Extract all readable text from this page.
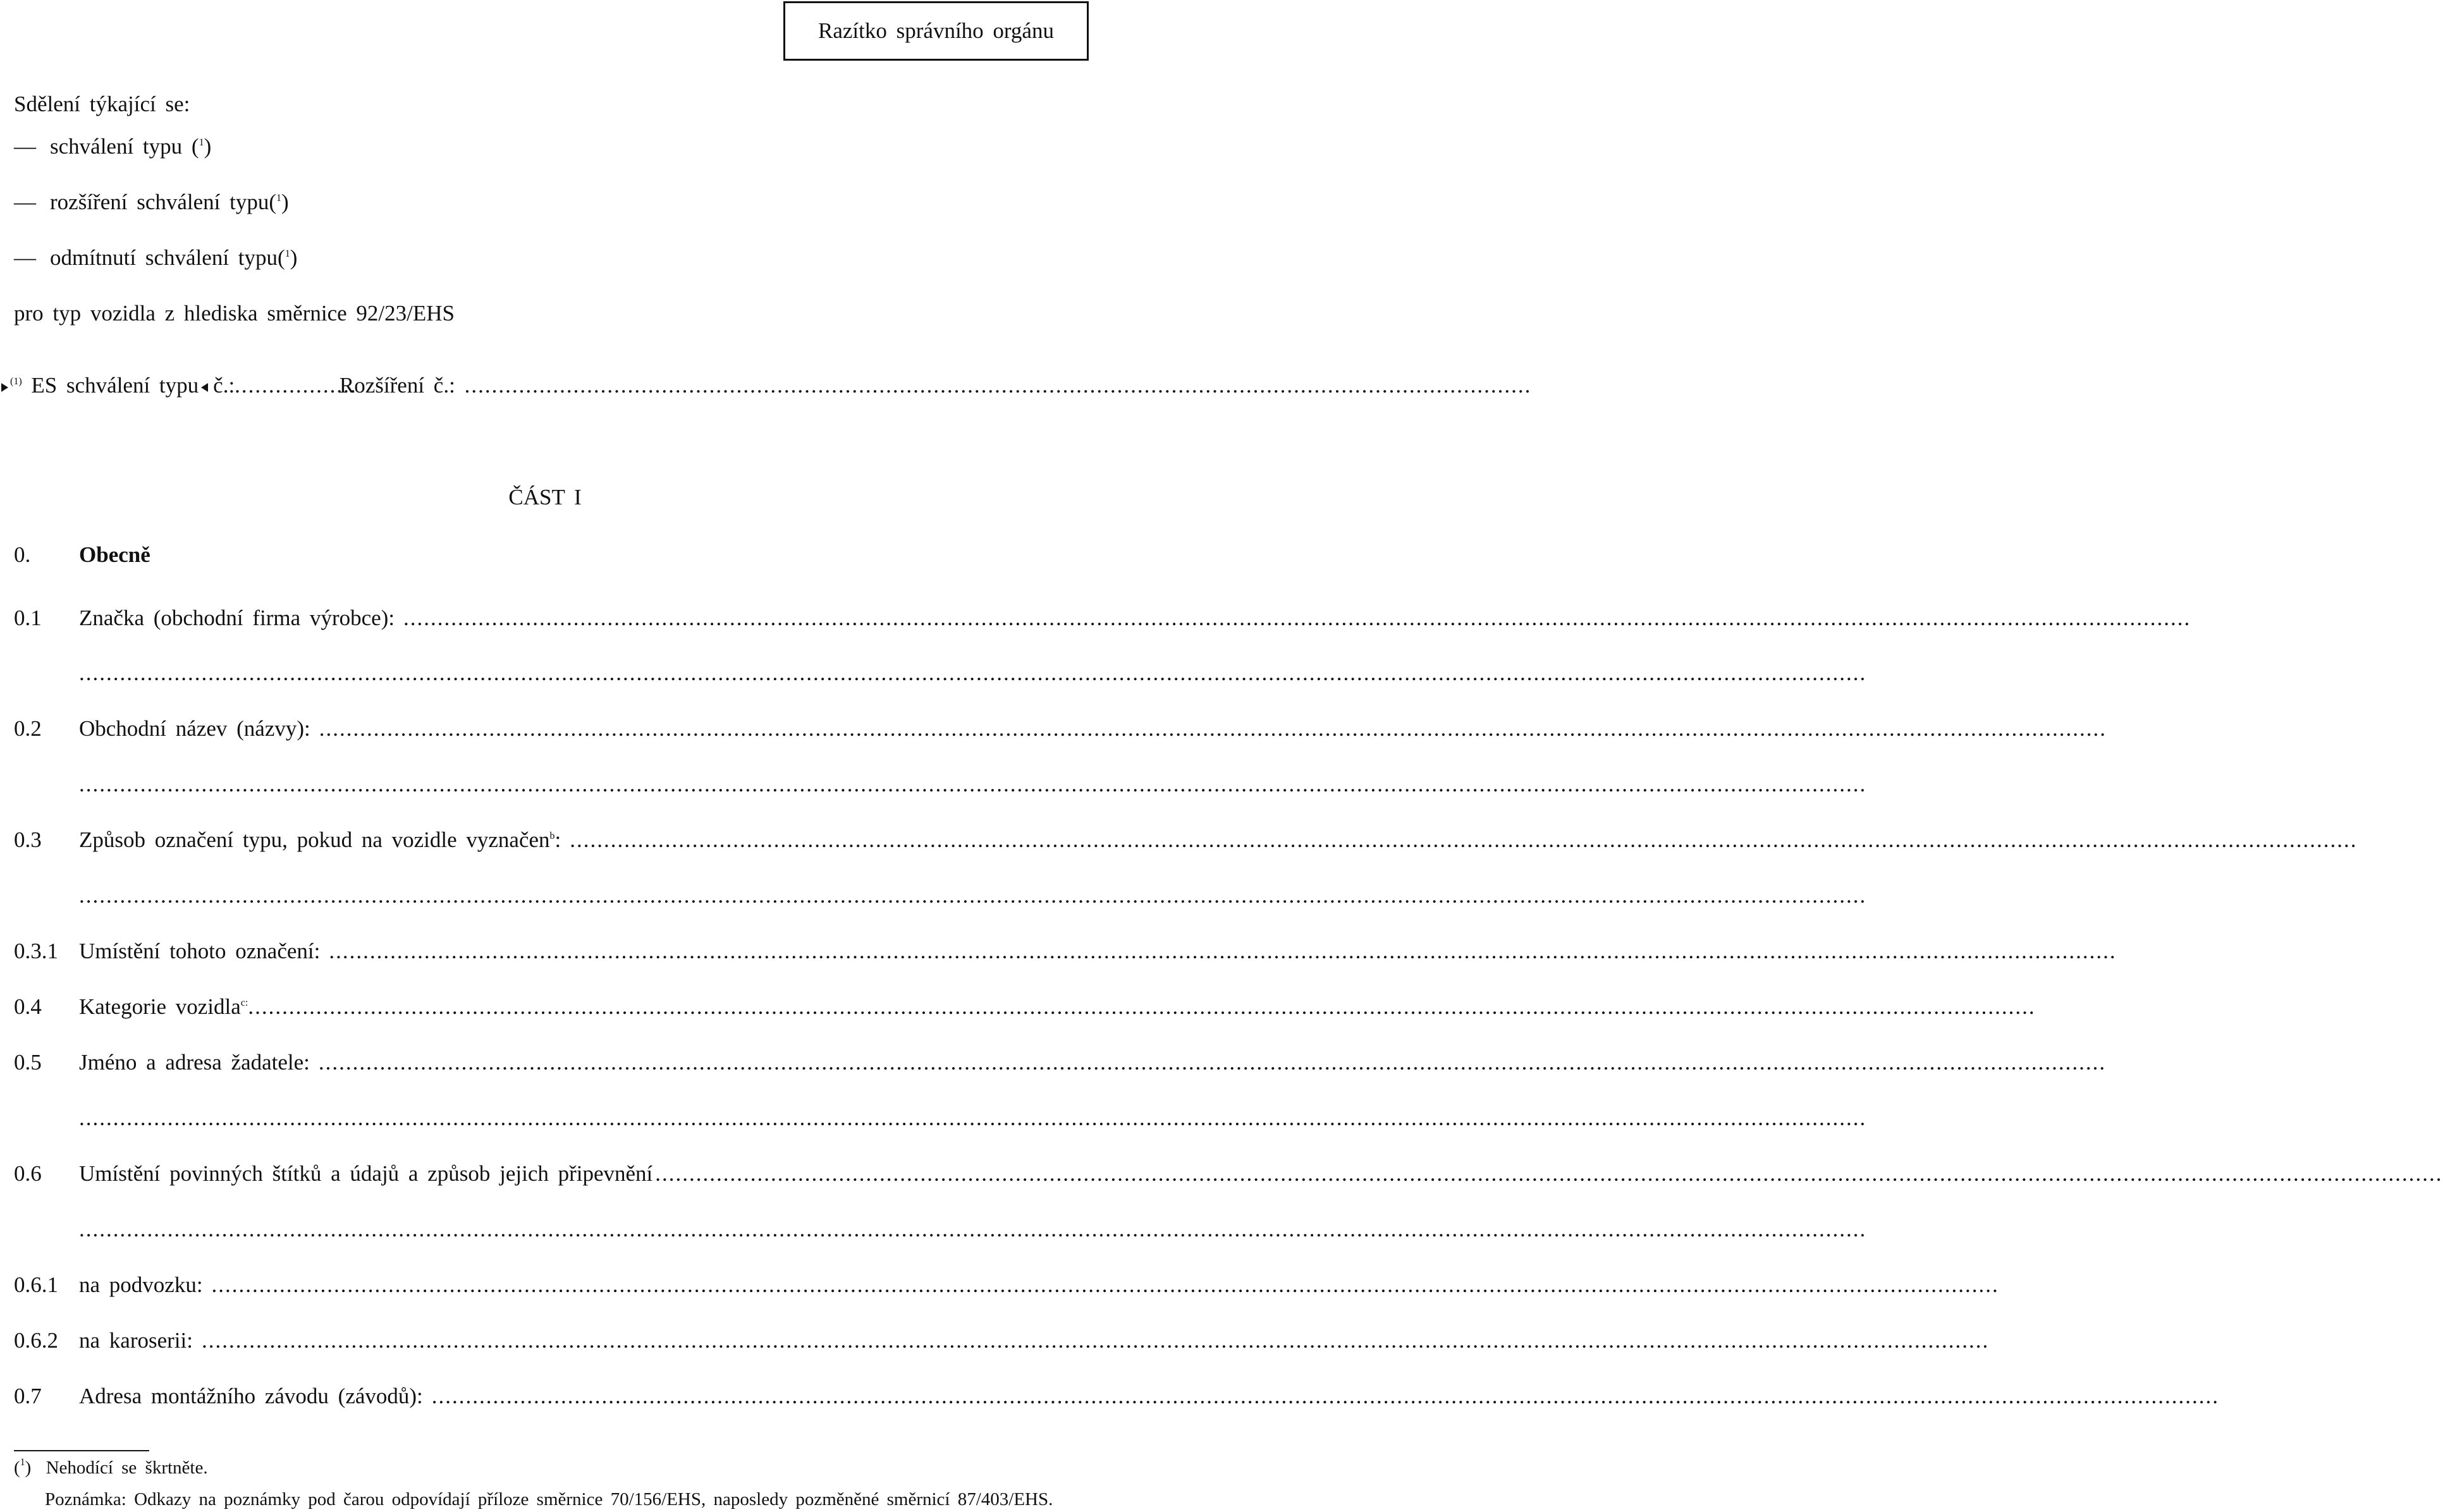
Razítko správního orgánu
Sdělení týkající se:
— schválení typu ($^1$)
— rozšíření schválení typu($^1$)
— odmítnutí schválení typu($^1$)
pro typ vozidla z hlediska směrnice 92/23/EHS
$^{(1)}$ ES schválení typu č.:.................. Rozšíření č.: .............................................................................................................................................................
ČÁST I
0.	Obecně
0.1	Značka (obchodní firma výrobce):
.....
.....
0.2	Obchodní název (názvy):
.....
.....
0.3	Způsob označení typu, pokud na vozidle vyznačen$^b$:
.....
.....
0.3.1 Umístění tohoto označení:
.....
0.4	Kategorie vozidla$^{c:}$
.....
0.5	Jméno a adresa žadatele:
.....
.....
0.6	Umístění povinných štítků a údajů a způsob jejich připevnění
.....
.....
0.6.1 na podvozku:
.....
0.6.2 na karoserii:
.....
0.7	Adresa montážního závodu (závodů):
.....
($^1$) Nehodící se škrtněte.
Poznámka: Odkazy na poznámky pod čarou odpovídají příloze směrnice 70/156/EHS, naposledy pozměněné směrnicí 87/403/EHS.
